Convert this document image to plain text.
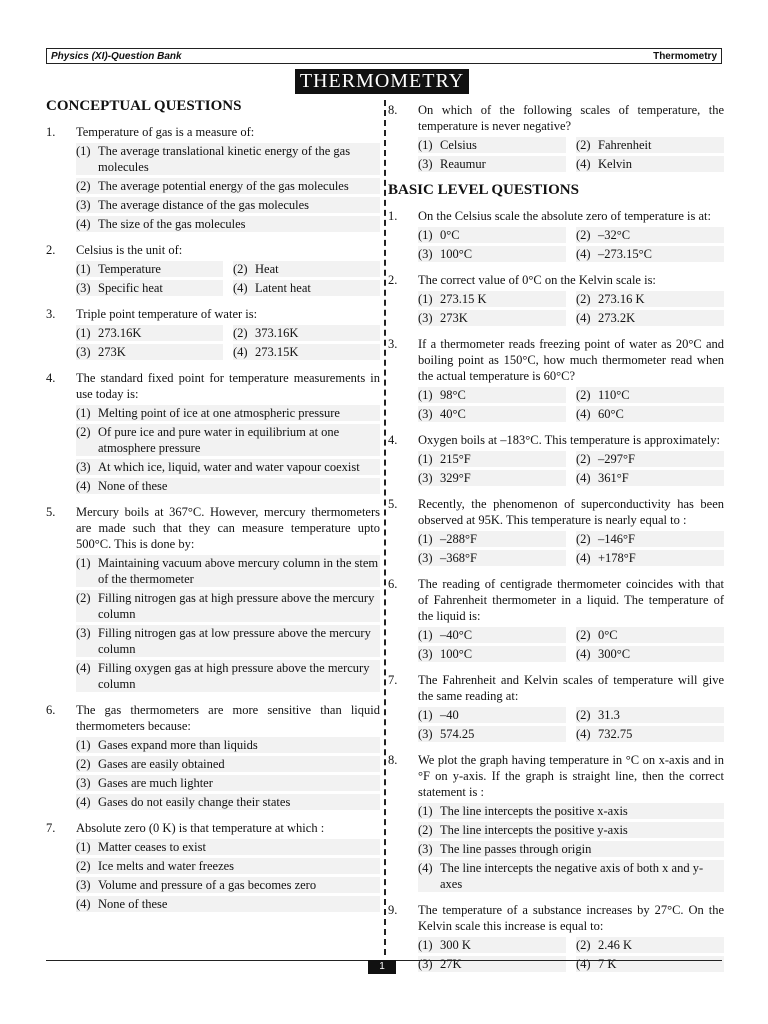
Physics (XI)-Question Bank	Thermometry
THERMOMETRY
CONCEPTUAL QUESTIONS
1.	Temperature of gas is a measure of:
(1) The average translational kinetic energy of the gas molecules
(2) The average potential energy of the gas molecules
(3) The average distance of the gas molecules
(4) The size of the gas molecules
2.	Celsius is the unit of:
(1) Temperature	(2) Heat
(3) Specific heat	(4) Latent heat
3.	Triple point temperature of water is:
(1) 273.16K	(2) 373.16K
(3) 273K	(4) 273.15K
4.	The standard fixed point for temperature measurements in use today is:
(1) Melting point of ice at one atmospheric pressure
(2) Of pure ice and pure water in equilibrium at one atmosphere pressure
(3) At which ice, liquid, water and water vapour coexist
(4) None of these
5.	Mercury boils at 367°C. However, mercury thermometers are made such that they can measure temperature upto 500°C. This is done by:
(1) Maintaining vacuum above mercury column in the stem of the thermometer
(2) Filling nitrogen gas at high pressure above the mercury column
(3) Filling nitrogen gas at low pressure above the mercury column
(4) Filling oxygen gas at high pressure above the mercury column
6.	The gas thermometers are more sensitive than liquid thermometers because:
(1) Gases expand more than liquids
(2) Gases are easily obtained
(3) Gases are much lighter
(4) Gases do not easily change their states
7.	Absolute zero (0 K) is that temperature at which :
(1) Matter ceases to exist
(2) Ice melts and water freezes
(3) Volume and pressure of a gas becomes zero
(4) None of these
8.	On which of the following scales of temperature, the temperature is never negative?
(1) Celsius	(2) Fahrenheit
(3) Reaumur	(4) Kelvin
BASIC LEVEL QUESTIONS
1.	On the Celsius scale the absolute zero of temperature is at:
(1) 0°C	(2) –32°C
(3) 100°C	(4) –273.15°C
2.	The correct value of 0°C on the Kelvin scale is:
(1) 273.15 K	(2) 273.16 K
(3) 273K	(4) 273.2K
3.	If a thermometer reads freezing point of water as 20°C and boiling point as 150°C, how much thermometer read when the actual temperature is 60°C?
(1) 98°C	(2) 110°C
(3) 40°C	(4) 60°C
4.	Oxygen boils at –183°C. This temperature is approximately:
(1) 215°F	(2) –297°F
(3) 329°F	(4) 361°F
5.	Recently, the phenomenon of superconductivity has been observed at 95K. This temperature is nearly equal to :
(1) –288°F	(2) –146°F
(3) –368°F	(4) +178°F
6.	The reading of centigrade thermometer coincides with that of Fahrenheit thermometer in a liquid. The temperature of the liquid is:
(1) –40°C	(2) 0°C
(3) 100°C	(4) 300°C
7.	The Fahrenheit and Kelvin scales of temperature will give the same reading at:
(1) –40	(2) 31.3
(3) 574.25	(4) 732.75
8.	We plot the graph having temperature in °C on x-axis and in °F on y-axis. If the graph is straight line, then the correct statement is :
(1) The line intercepts the positive x-axis
(2) The line intercepts the positive y-axis
(3) The line passes through origin
(4) The line intercepts the negative axis of both x and y-axes
9.	The temperature of a substance increases by 27°C. On the Kelvin scale this increase is equal to:
(1) 300 K	(2) 2.46 K
(3) 27K	(4) 7 K
1
